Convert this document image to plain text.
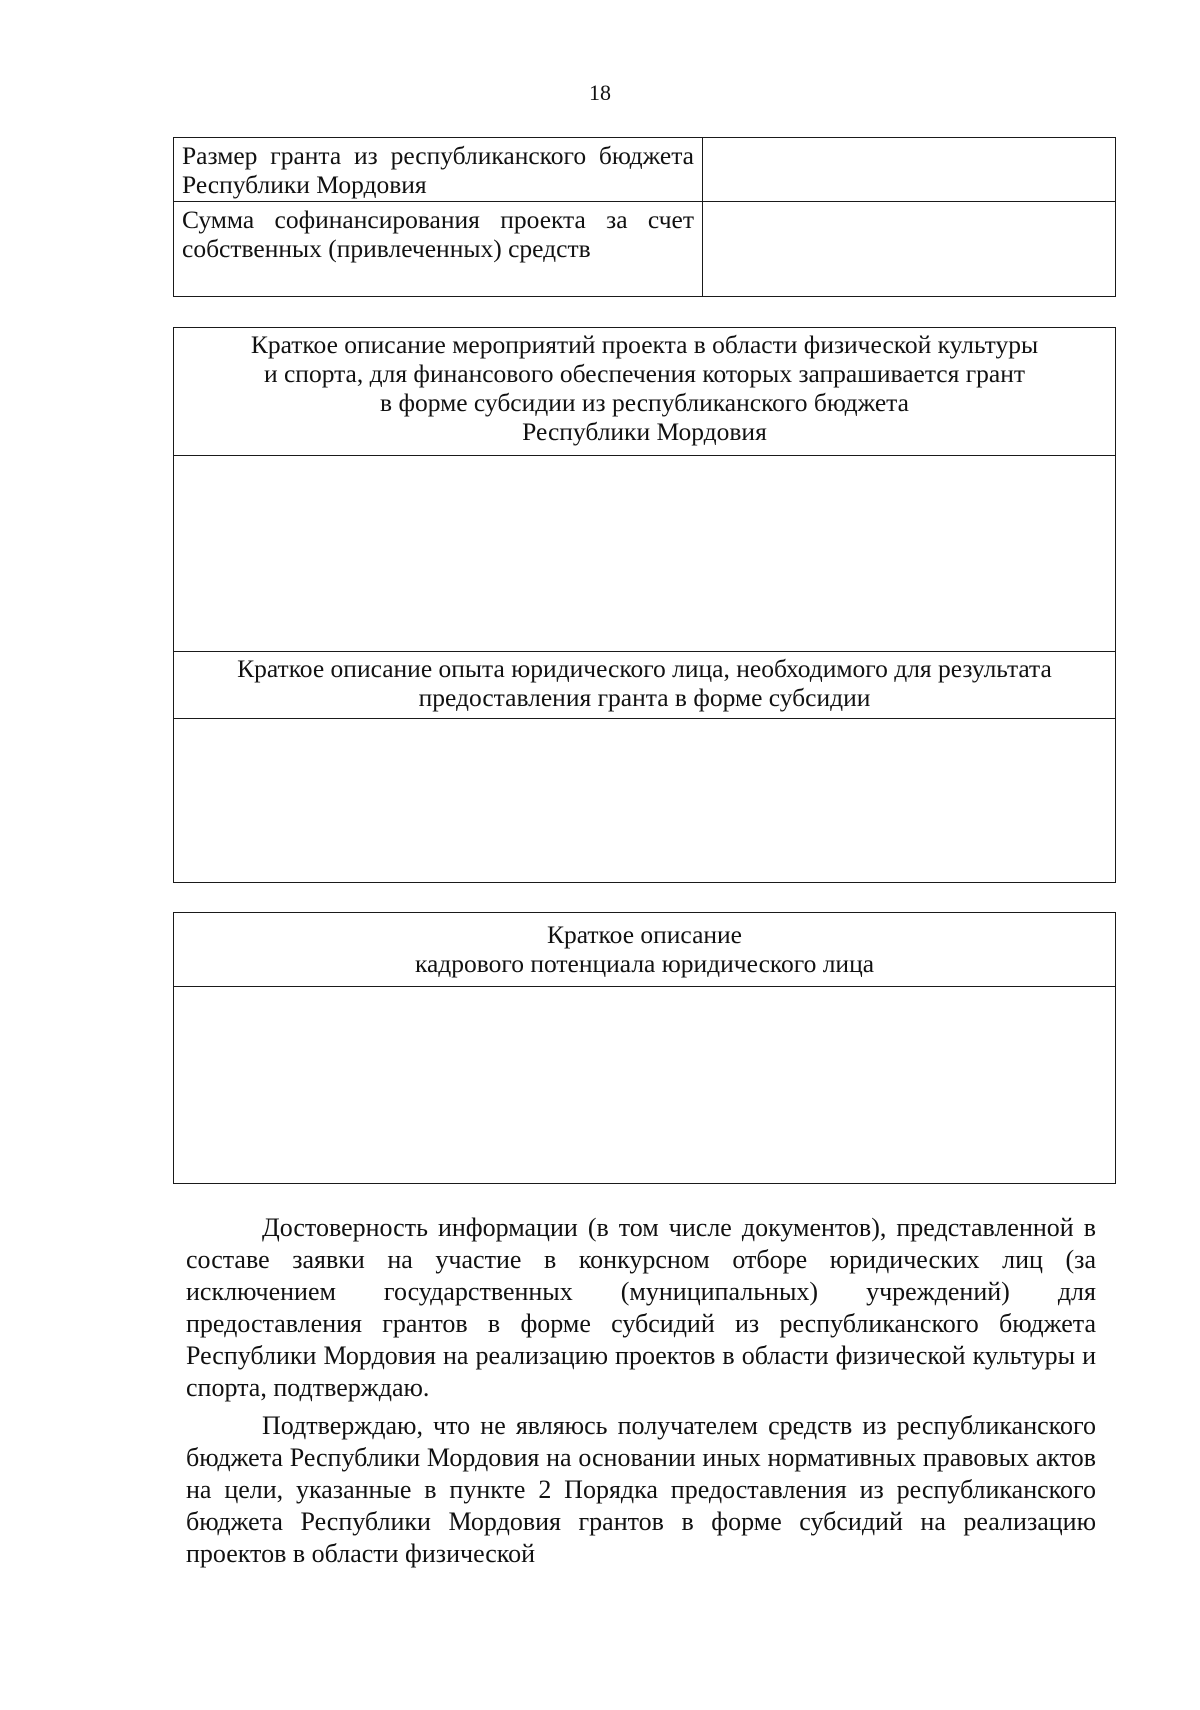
18
Размер гранта из республиканского бюджета Республики Мордовия	
Сумма софинансирования проекта за счет собственных (привлеченных) средств	
Краткое описание мероприятий проекта в области физической культуры
и спорта, для финансового обеспечения которых запрашивается грант
в форме субсидии из республиканского бюджета
Республики Мордовия

Краткое описание опыта юридического лица, необходимого для результата
предоставления гранта в форме субсидии

Краткое описание
кадрового потенциала юридического лица

Достоверность информации (в том числе документов), представленной в составе заявки на участие в конкурсном отборе юридических лиц (за исключением государственных (муниципальных) учреждений) для предоставления грантов в форме субсидий из республиканского бюджета Республики Мордовия на реализацию проектов в области физической культуры и спорта, подтверждаю.

Подтверждаю, что не являюсь получателем средств из республиканского бюджета Республики Мордовия на основании иных нормативных правовых актов на цели, указанные в пункте 2 Порядка предоставления из республиканского бюджета Республики Мордовия грантов в форме субсидий на реализацию проектов в области физической
